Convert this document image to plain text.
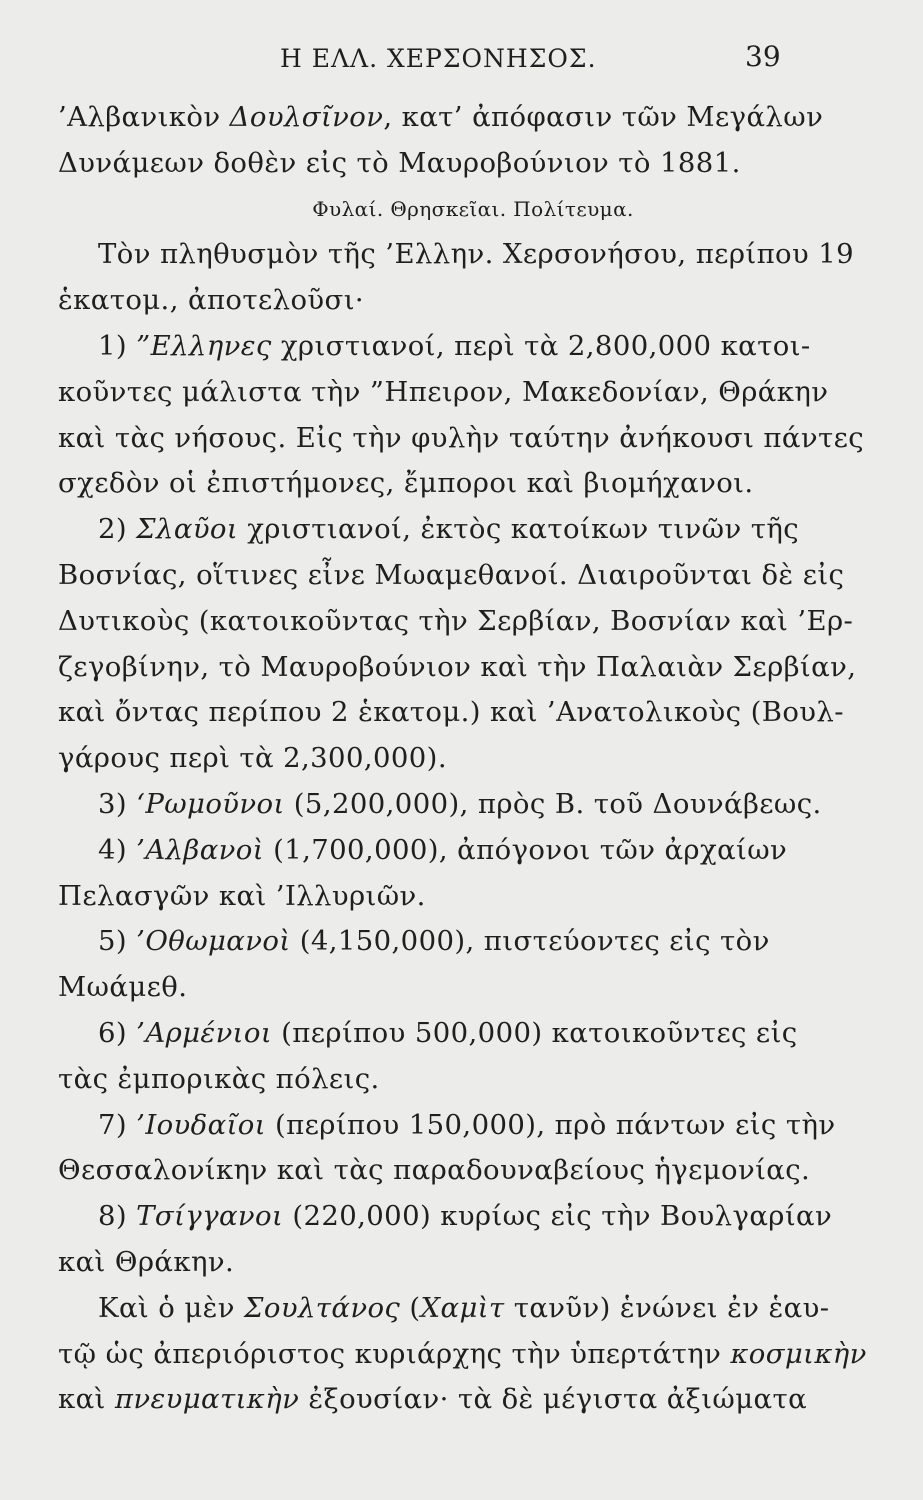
Η ΕΛΛ. ΧΕΡΣΟΝΗΣΟΣ.	39
’Αλβανικὸν Δουλσῖνον, κατ’ ἀπόφασιν τῶν Μεγάλων
Δυνάμεων δοθὲν εἰς τὸ Μαυροβούνιον τὸ 1881.
Φυλαί. Θρησκεῖαι. Πολίτευμα.
Τὸν πληθυσμὸν τῆς ’Ελλην. Χερσονήσου, περίπου 19
ἑκατομ., ἀποτελοῦσι·
1) ”Ελληνες χριστιανοί, περὶ τὰ 2,800,000 κατοι-
κοῦντες μάλιστα τὴν ”Ηπειρον, Μακεδονίαν, Θράκην
καὶ τὰς νήσους. Εἰς τὴν φυλὴν ταύτην ἀνήκουσι πάντες
σχεδὸν οἱ ἐπιστήμονες, ἔμποροι καὶ βιομήχανοι.
2) Σλαῦοι χριστιανοί, ἐκτὸς κατοίκων τινῶν τῆς
Βοσνίας, οἵτινες εἶνε Μωαμεθανοί. Διαιροῦνται δὲ εἰς
Δυτικοὺς (κατοικοῦντας τὴν Σερβίαν, Βοσνίαν καὶ ’Ερ-
ζεγοβίνην, τὸ Μαυροβούνιον καὶ τὴν Παλαιὰν Σερβίαν,
καὶ ὄντας περίπου 2 ἑκατομ.) καὶ ’Ανατολικοὺς (Βουλ-
γάρους περὶ τὰ 2,300,000).
3) ‘Ρωμοῦνοι (5,200,000), πρὸς Β. τοῦ Δουνάβεως.
4) ’Αλβανοὶ (1,700,000), ἀπόγονοι τῶν ἀρχαίων
Πελασγῶν καὶ ’Ιλλυριῶν.
5) ’Οθωμανοὶ (4,150,000), πιστεύοντες εἰς τὸν
Μωάμεθ.
6) ’Αρμένιοι (περίπου 500,000) κατοικοῦντες εἰς
τὰς ἐμπορικὰς πόλεις.
7) ’Ιουδαῖοι (περίπου 150,000), πρὸ πάντων εἰς τὴν
Θεσσαλονίκην καὶ τὰς παραδουναβείους ἡγεμονίας.
8) Τσίγγανοι (220,000) κυρίως εἰς τὴν Βουλγαρίαν
καὶ Θράκην.
Καὶ ὁ μὲν Σουλτάνος (Χαμὶτ τανῦν) ἑνώνει ἐν ἑαυ-
τῷ ὡς ἀπεριόριστος κυριάρχης τὴν ὑπερτάτην κοσμικὴν
καὶ πνευματικὴν ἐξουσίαν· τὰ δὲ μέγιστα ἀξιώματα
